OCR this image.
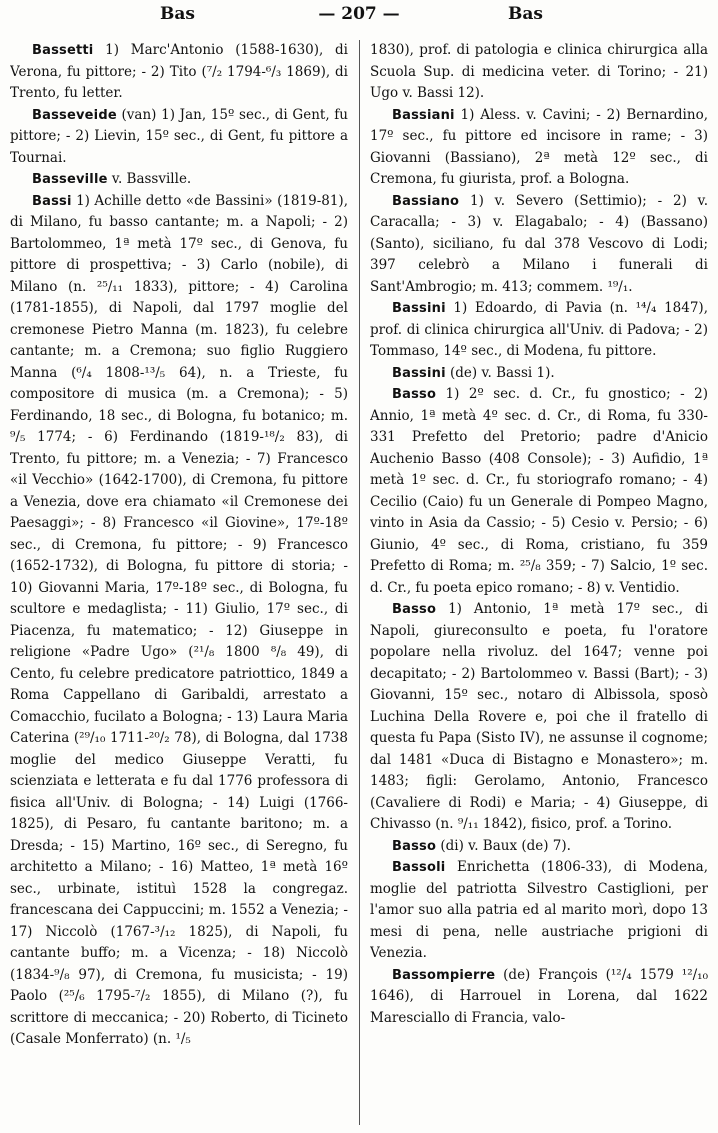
Bas	— 207 —	Bas

Bassetti 1) Marc'Antonio (1588-1630), di Verona, fu pittore; - 2) Tito (⁷/₂ 1794-⁶/₃ 1869), di Trento, fu letter.

Basseveide (van) 1) Jan, 15º sec., di Gent, fu pittore; - 2) Lievin, 15º sec., di Gent, fu pittore a Tournai.

Basseville v. Bassville.

Bassi 1) Achille detto «de Bassini» (1819-81), di Milano, fu basso cantante; m. a Napoli; - 2) Bartolommeo, 1ª metà 17º sec., di Genova, fu pittore di prospettiva; - 3) Carlo (nobile), di Milano (n. ²⁵/₁₁ 1833), pittore; - 4) Carolina (1781-1855), di Napoli, dal 1797 moglie del cremonese Pietro Manna (m. 1823), fu celebre cantante; m. a Cremona; suo figlio Ruggiero Manna (⁶/₄ 1808-¹³/₅ 64), n. a Trieste, fu compositore di musica (m. a Cremona); - 5) Ferdinando, 18 sec., di Bologna, fu botanico; m. ⁹/₅ 1774; - 6) Ferdinando (1819-¹⁸/₂ 83), di Trento, fu pittore; m. a Venezia; - 7) Francesco «il Vecchio» (1642-1700), di Cremona, fu pittore a Venezia, dove era chiamato «il Cremonese dei Paesaggi»; - 8) Francesco «il Giovine», 17º-18º sec., di Cremona, fu pittore; - 9) Francesco (1652-1732), di Bologna, fu pittore di storia; - 10) Giovanni Maria, 17º-18º sec., di Bologna, fu scultore e medaglista; - 11) Giulio, 17º sec., di Piacenza, fu matematico; - 12) Giuseppe in religione «Padre Ugo» (²¹/₈ 1800 ⁸/₈ 49), di Cento, fu celebre predicatore patriottico, 1849 a Roma Cappellano di Garibaldi, arrestato a Comacchio, fucilato a Bologna; - 13) Laura Maria Caterina (²⁹/₁₀ 1711-²⁰/₂ 78), di Bologna, dal 1738 moglie del medico Giuseppe Veratti, fu scienziata e letterata e fu dal 1776 professora di fisica all'Univ. di Bologna; - 14) Luigi (1766-1825), di Pesaro, fu cantante baritono; m. a Dresda; - 15) Martino, 16º sec., di Seregno, fu architetto a Milano; - 16) Matteo, 1ª metà 16º sec., urbinate, istituì 1528 la congregaz. francescana dei Cappuccini; m. 1552 a Venezia; - 17) Niccolò (1767-³/₁₂ 1825), di Napoli, fu cantante buffo; m. a Vicenza; - 18) Niccolò (1834-⁹/₈ 97), di Cremona, fu musicista; - 19) Paolo (²⁵/₆ 1795-⁷/₂ 1855), di Milano (?), fu scrittore di meccanica; - 20) Roberto, di Ticineto (Casale Monferrato) (n. ¹/₅

1830), prof. di patologia e clinica chirurgica alla Scuola Sup. di medicina veter. di Torino; - 21) Ugo v. Bassi 12).

Bassiani 1) Aless. v. Cavini; - 2) Bernardino, 17º sec., fu pittore ed incisore in rame; - 3) Giovanni (Bassiano), 2ª metà 12º sec., di Cremona, fu giurista, prof. a Bologna.

Bassiano 1) v. Severo (Settimio); - 2) v. Caracalla; - 3) v. Elagabalo; - 4) (Bassano) (Santo), siciliano, fu dal 378 Vescovo di Lodi; 397 celebrò a Milano i funerali di Sant'Ambrogio; m. 413; commem. ¹⁹/₁.

Bassini 1) Edoardo, di Pavia (n. ¹⁴/₄ 1847), prof. di clinica chirurgica all'Univ. di Padova; - 2) Tommaso, 14º sec., di Modena, fu pittore.

Bassini (de) v. Bassi 1).

Basso 1) 2º sec. d. Cr., fu gnostico; - 2) Annio, 1ª metà 4º sec. d. Cr., di Roma, fu 330-331 Prefetto del Pretorio; padre d'Anicio Auchenio Basso (408 Console); - 3) Aufidio, 1ª metà 1º sec. d. Cr., fu storiografo romano; - 4) Cecilio (Caio) fu un Generale di Pompeo Magno, vinto in Asia da Cassio; - 5) Cesio v. Persio; - 6) Giunio, 4º sec., di Roma, cristiano, fu 359 Prefetto di Roma; m. ²⁵/₈ 359; - 7) Salcio, 1º sec. d. Cr., fu poeta epico romano; - 8) v. Ventidio.

Basso 1) Antonio, 1ª metà 17º sec., di Napoli, giureconsulto e poeta, fu l'oratore popolare nella rivoluz. del 1647; venne poi decapitato; - 2) Bartolommeo v. Bassi (Bart); - 3) Giovanni, 15º sec., notaro di Albissola, sposò Luchina Della Rovere e, poi che il fratello di questa fu Papa (Sisto IV), ne assunse il cognome; dal 1481 «Duca di Bistagno e Monastero»; m. 1483; figli: Gerolamo, Antonio, Francesco (Cavaliere di Rodi) e Maria; - 4) Giuseppe, di Chivasso (n. ⁹/₁₁ 1842), fisico, prof. a Torino.

Basso (di) v. Baux (de) 7).

Bassoli Enrichetta (1806-33), di Modena, moglie del patriotta Silvestro Castiglioni, per l'amor suo alla patria ed al marito morì, dopo 13 mesi di pena, nelle austriache prigioni di Venezia.

Bassompierre (de) François (¹²/₄ 1579 ¹²/₁₀ 1646), di Harrouel in Lorena, dal 1622 Maresciallo di Francia, valo-
